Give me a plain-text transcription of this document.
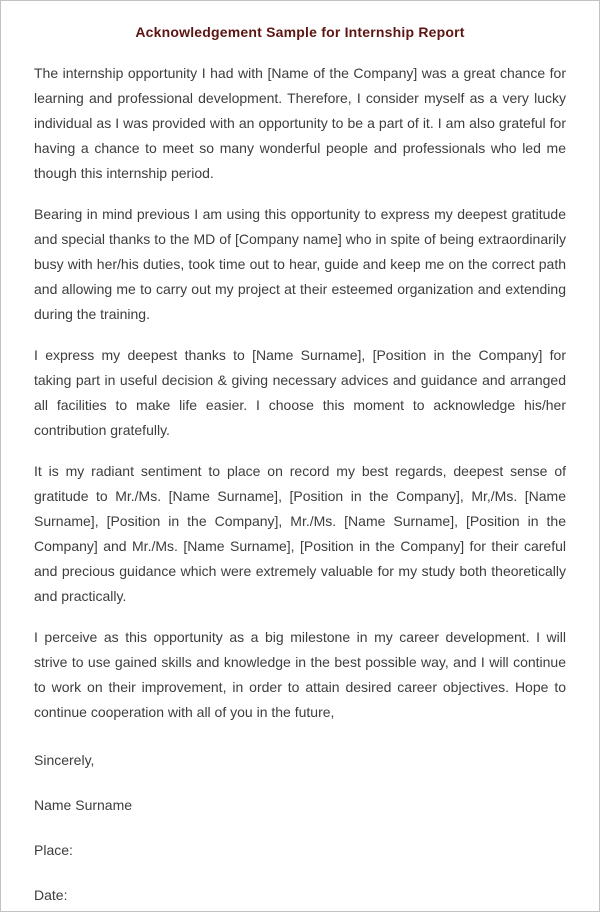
Acknowledgement Sample for Internship Report

The internship opportunity I had with [Name of the Company] was a great chance for learning and professional development. Therefore, I consider myself as a very lucky individual as I was provided with an opportunity to be a part of it. I am also grateful for having a chance to meet so many wonderful people and professionals who led me though this internship period.

Bearing in mind previous I am using this opportunity to express my deepest gratitude and special thanks to the MD of [Company name] who in spite of being extraordinarily busy with her/his duties, took time out to hear, guide and keep me on the correct path and allowing me to carry out my project at their esteemed organization and extending during the training.

I express my deepest thanks to [Name Surname], [Position in the Company] for taking part in useful decision & giving necessary advices and guidance and arranged all facilities to make life easier. I choose this moment to acknowledge his/her contribution gratefully.

It is my radiant sentiment to place on record my best regards, deepest sense of gratitude to Mr./Ms. [Name Surname], [Position in the Company], Mr,/Ms. [Name Surname], [Position in the Company], Mr./Ms. [Name Surname], [Position in the Company] and Mr./Ms. [Name Surname], [Position in the Company] for their careful and precious guidance which were extremely valuable for my study both theoretically and practically.

I perceive as this opportunity as a big milestone in my career development. I will strive to use gained skills and knowledge in the best possible way, and I will continue to work on their improvement, in order to attain desired career objectives. Hope to continue cooperation with all of you in the future,

Sincerely,

Name Surname

Place:

Date:
